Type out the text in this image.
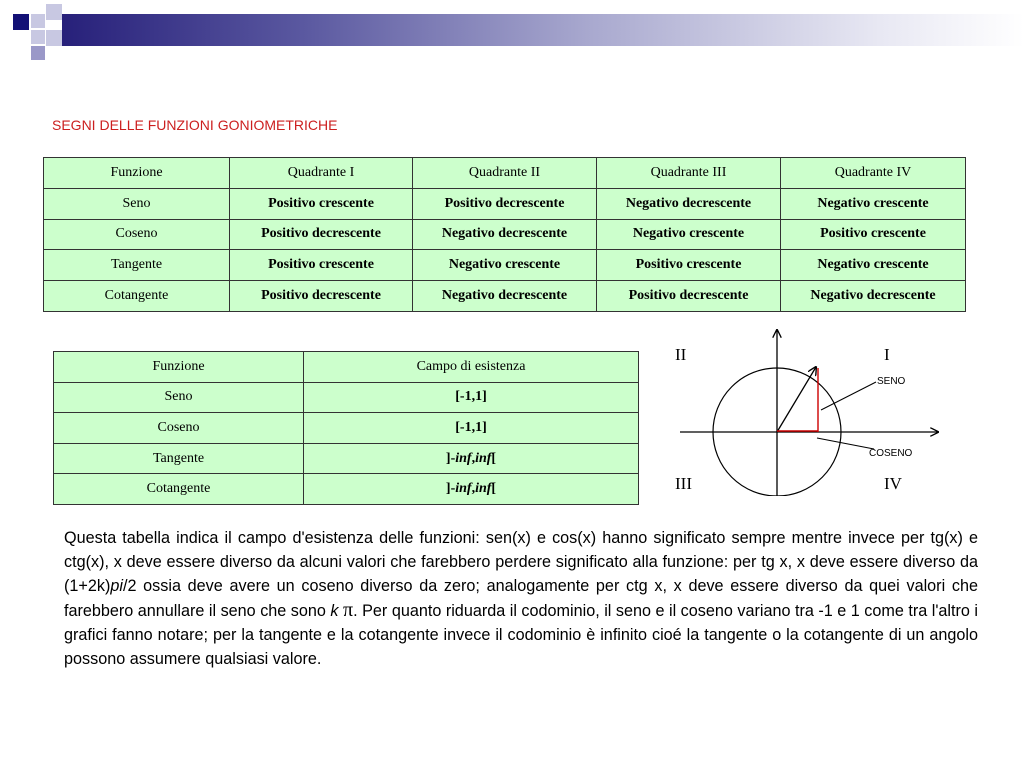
SEGNI DELLE FUNZIONI GONIOMETRICHE
Funzione	Quadrante I	Quadrante II	Quadrante III	Quadrante IV
Seno	Positivo crescente	Positivo decrescente	Negativo decrescente	Negativo crescente
Coseno	Positivo decrescente	Negativo decrescente	Negativo crescente	Positivo crescente
Tangente	Positivo crescente	Negativo crescente	Positivo crescente	Negativo crescente
Cotangente	Positivo decrescente	Negativo decrescente	Positivo decrescente	Negativo decrescente
Funzione	Campo di esistenza
Seno	[-1,1]
Coseno	[-1,1]
Tangente	]-inf,inf[
Cotangente	]-inf,inf[
II	I
III	IV
SENO
COSENO
Questa tabella indica il campo d'esistenza delle funzioni: sen(x) e cos(x) hanno significato sempre mentre invece per tg(x) e ctg(x), x deve essere diverso da alcuni valori che farebbero perdere significato alla funzione: per tg x, x deve essere diverso da (1+2k)pi/2 ossia deve avere un coseno diverso da zero; analogamente per ctg x, x deve essere diverso da quei valori che farebbero annullare il seno che sono k π. Per quanto riduarda il codominio, il seno e il coseno variano tra -1 e 1 come tra l'altro i grafici fanno notare; per la tangente e la cotangente invece il codominio è infinito cioé la tangente o la cotangente di un angolo possono assumere qualsiasi valore.
